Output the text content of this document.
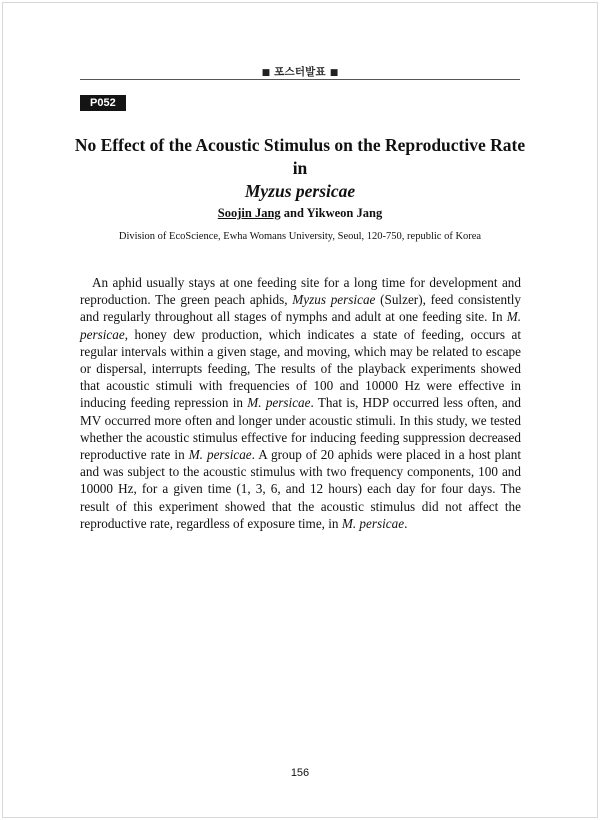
■ 포스터발표 ■
P052
No Effect of the Acoustic Stimulus on the Reproductive Rate in
Myzus persicae
Soojin Jang and Yikweon Jang
Division of EcoScience, Ewha Womans University, Seoul, 120-750, republic of Korea

An aphid usually stays at one feeding site for a long time for development and reproduction. The green peach aphids, Myzus persicae (Sulzer), feed consistently and regularly throughout all stages of nymphs and adult at one feeding site. In M. persicae, honey dew production, which indicates a state of feeding, occurs at regular intervals within a given stage, and moving, which may be related to escape or dispersal, interrupts feeding, The results of the playback experiments showed that acoustic stimuli with frequencies of 100 and 10000 Hz were effective in inducing feeding repression in M. persicae. That is, HDP occurred less often, and MV occurred more often and longer under acoustic stimuli. In this study, we tested whether the acoustic stimulus effective for inducing feeding suppression decreased reproductive rate in M. persicae. A group of 20 aphids were placed in a host plant and was subject to the acoustic stimulus with two frequency components, 100 and 10000 Hz, for a given time (1, 3, 6, and 12 hours) each day for four days. The result of this experiment showed that the acoustic stimulus did not affect the reproductive rate, regardless of exposure time, in M. persicae.

156
